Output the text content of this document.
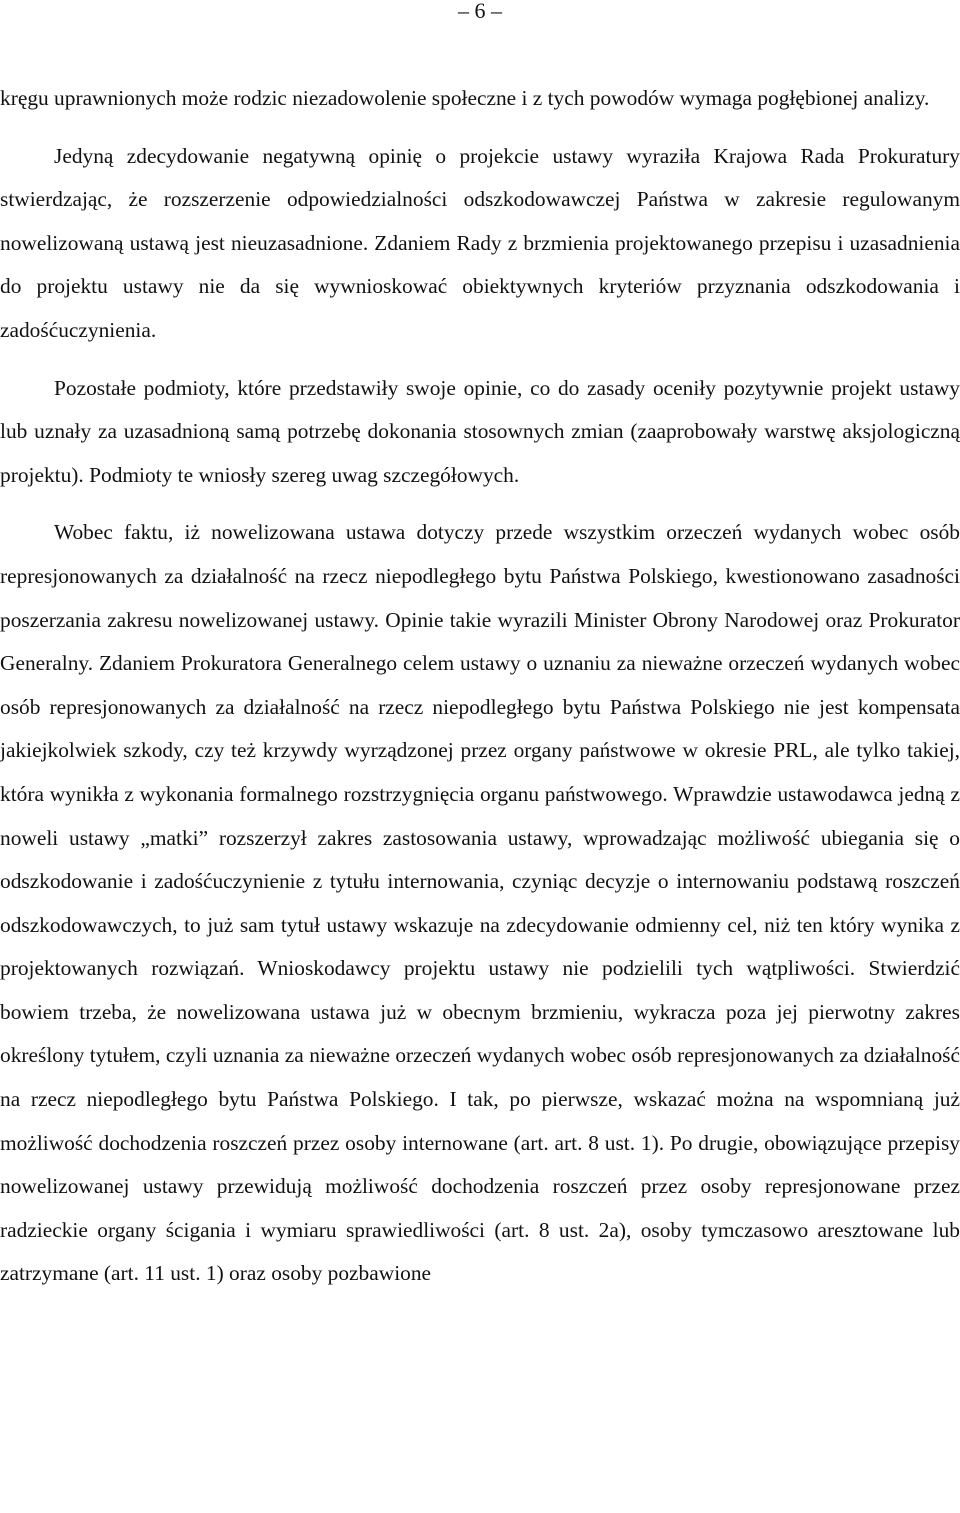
– 6 –

kręgu uprawnionych może rodzic niezadowolenie społeczne i z tych powodów wymaga pogłębionej analizy.

Jedyną zdecydowanie negatywną opinię o projekcie ustawy wyraziła Krajowa Rada Prokuratury stwierdzając, że rozszerzenie odpowiedzialności odszkodowawczej Państwa w zakresie regulowanym nowelizowaną ustawą jest nieuzasadnione. Zdaniem Rady z brzmienia projektowanego przepisu i uzasadnienia do projektu ustawy nie da się wywnioskować obiektywnych kryteriów przyznania odszkodowania i zadośćuczynienia.

Pozostałe podmioty, które przedstawiły swoje opinie, co do zasady oceniły pozytywnie projekt ustawy lub uznały za uzasadnioną samą potrzebę dokonania stosownych zmian (zaaprobowały warstwę aksjologiczną projektu). Podmioty te wniosły szereg uwag szczegółowych.

Wobec faktu, iż nowelizowana ustawa dotyczy przede wszystkim orzeczeń wydanych wobec osób represjonowanych za działalność na rzecz niepodległego bytu Państwa Polskiego, kwestionowano zasadności poszerzania zakresu nowelizowanej ustawy. Opinie takie wyrazili Minister Obrony Narodowej oraz Prokurator Generalny. Zdaniem Prokuratora Generalnego celem ustawy o uznaniu za nieważne orzeczeń wydanych wobec osób represjonowanych za działalność na rzecz niepodległego bytu Państwa Polskiego nie jest kompensata jakiejkolwiek szkody, czy też krzywdy wyrządzonej przez organy państwowe w okresie PRL, ale tylko takiej, która wynikła z wykonania formalnego rozstrzygnięcia organu państwowego. Wprawdzie ustawodawca jedną z noweli ustawy „matki” rozszerzył zakres zastosowania ustawy, wprowadzając możliwość ubiegania się o odszkodowanie i zadośćuczynienie z tytułu internowania, czyniąc decyzje o internowaniu podstawą roszczeń odszkodowawczych, to już sam tytuł ustawy wskazuje na zdecydowanie odmienny cel, niż ten który wynika z projektowanych rozwiązań. Wnioskodawcy projektu ustawy nie podzielili tych wątpliwości. Stwierdzić bowiem trzeba, że nowelizowana ustawa już w obecnym brzmieniu, wykracza poza jej pierwotny zakres określony tytułem, czyli uznania za nieważne orzeczeń wydanych wobec osób represjonowanych za działalność na rzecz niepodległego bytu Państwa Polskiego. I tak, po pierwsze, wskazać można na wspomnianą już możliwość dochodzenia roszczeń przez osoby internowane (art. art. 8 ust. 1). Po drugie, obowiązujące przepisy nowelizowanej ustawy przewidują możliwość dochodzenia roszczeń przez osoby represjonowane przez radzieckie organy ścigania i wymiaru sprawiedliwości (art. 8 ust. 2a), osoby tymczasowo aresztowane lub zatrzymane (art. 11 ust. 1) oraz osoby pozbawione
